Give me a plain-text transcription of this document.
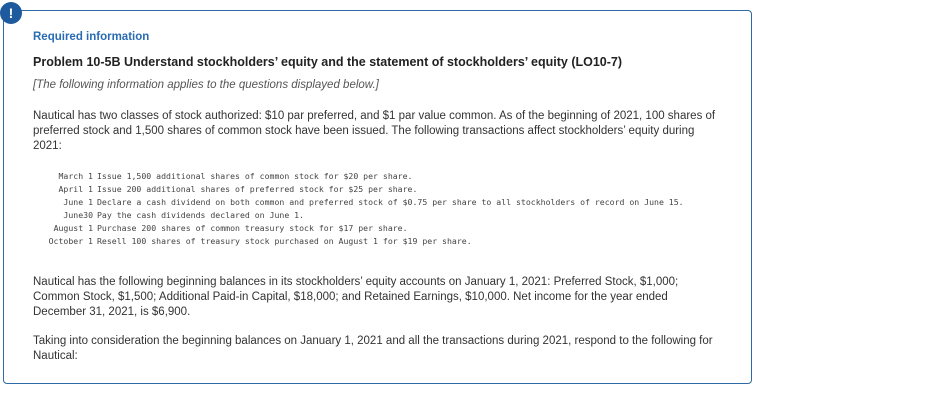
!
Required information
Problem 10-5B Understand stockholders’ equity and the statement of stockholders’ equity (LO10-7)
[The following information applies to the questions displayed below.]
Nautical has two classes of stock authorized: $10 par preferred, and $1 par value common. As of the beginning of 2021, 100 shares of preferred stock and 1,500 shares of common stock have been issued. The following transactions affect stockholders’ equity during 2021:
March 1 Issue 1,500 additional shares of common stock for $20 per share.
April 1 Issue 200 additional shares of preferred stock for $25 per share.
June 1 Declare a cash dividend on both common and preferred stock of $0.75 per share to all stockholders of record on June 15.
June30 Pay the cash dividends declared on June 1.
August 1 Purchase 200 shares of common treasury stock for $17 per share.
October 1 Resell 100 shares of treasury stock purchased on August 1 for $19 per share.
Nautical has the following beginning balances in its stockholders’ equity accounts on January 1, 2021: Preferred Stock, $1,000; Common Stock, $1,500; Additional Paid-in Capital, $18,000; and Retained Earnings, $10,000. Net income for the year ended December 31, 2021, is $6,900.
Taking into consideration the beginning balances on January 1, 2021 and all the transactions during 2021, respond to the following for Nautical:
